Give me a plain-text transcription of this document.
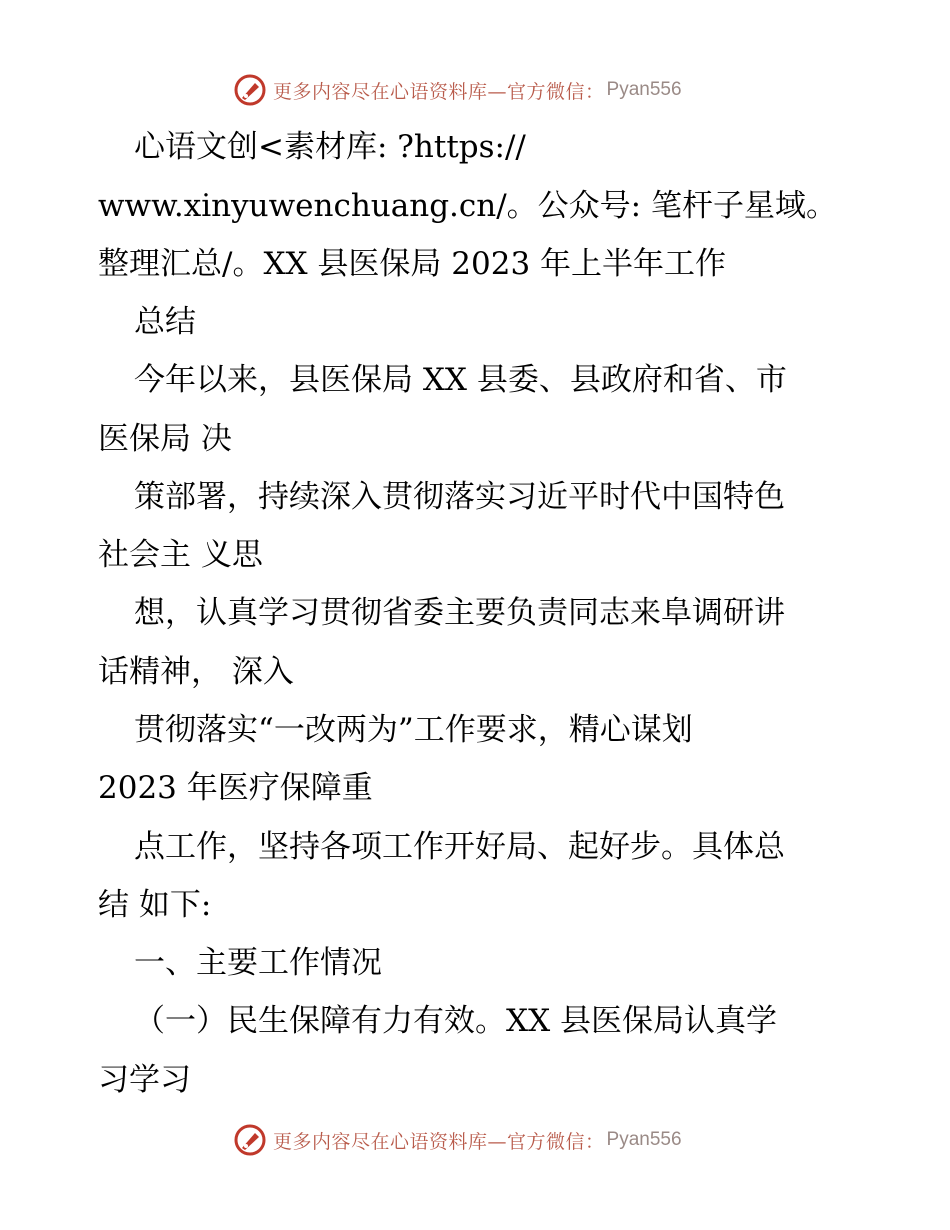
更多内容尽在心语资料库—官方微信： Pyan556
心语文创<素材库: ?https://
www.xinyuwenchuang.cn/。公众号: 笔杆子星域。
整理汇总/。XX 县医保局 2023 年上半年工作
总结
今年以来，县医保局 XX 县委、县政府和省、市
医保局 决
策部署，持续深入贯彻落实习近平时代中国特色
社会主 义思
想，认真学习贯彻省委主要负责同志来阜调研讲
话精神， 深入
贯彻落实“一改两为”工作要求，精心谋划
2023 年医疗保障重
点工作，坚持各项工作开好局、起好步。具体总
结 如下:
一、主要工作情况
（一）民生保障有力有效。XX 县医保局认真学
习学习
更多内容尽在心语资料库—官方微信： Pyan556
